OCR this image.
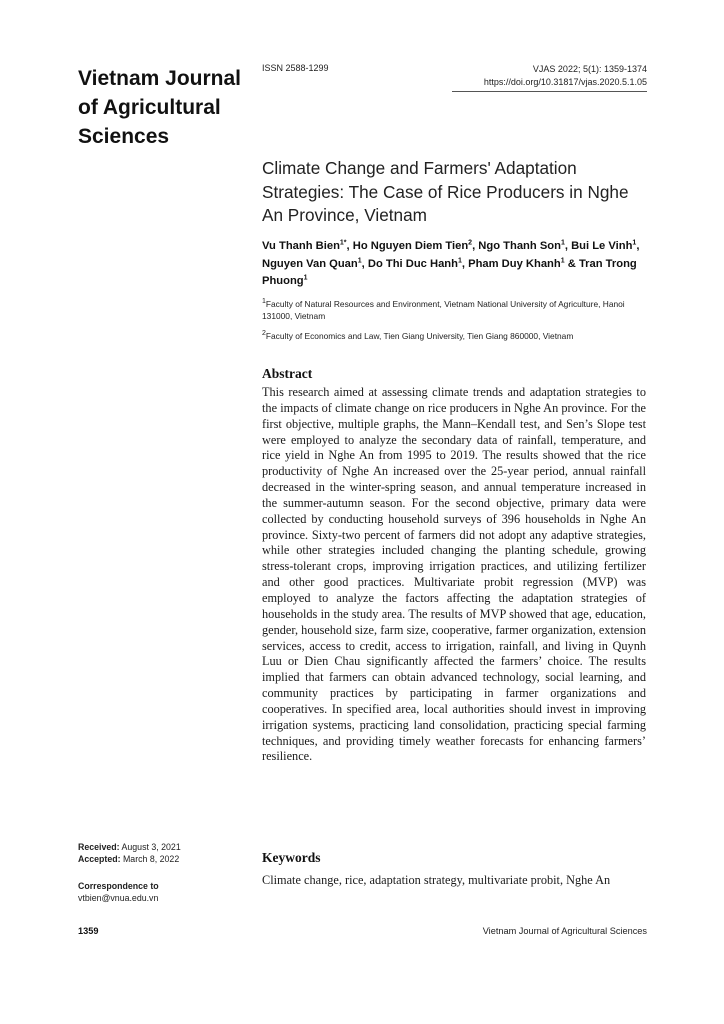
Vietnam Journal of Agricultural Sciences
ISSN 2588-1299	VJAS 2022; 5(1): 1359-1374
https://doi.org/10.31817/vjas.2020.5.1.05
Climate Change and Farmers' Adaptation Strategies: The Case of Rice Producers in Nghe An Province, Vietnam
Vu Thanh Bien$^{1*}$, Ho Nguyen Diem Tien$^2$, Ngo Thanh Son$^1$, Bui Le Vinh$^1$, Nguyen Van Quan$^1$, Do Thi Duc Hanh$^1$, Pham Duy Khanh$^1$ & Tran Trong Phuong$^1$
$^1$Faculty of Natural Resources and Environment, Vietnam National University of Agriculture, Hanoi 131000, Vietnam
$^2$Faculty of Economics and Law, Tien Giang University, Tien Giang 860000, Vietnam
Abstract
This research aimed at assessing climate trends and adaptation strategies to the impacts of climate change on rice producers in Nghe An province. For the first objective, multiple graphs, the Mann–Kendall test, and Sen’s Slope test were employed to analyze the secondary data of rainfall, temperature, and rice yield in Nghe An from 1995 to 2019. The results showed that the rice productivity of Nghe An increased over the 25-year period, annual rainfall decreased in the winter-spring season, and annual temperature increased in the summer-autumn season. For the second objective, primary data were collected by conducting household surveys of 396 households in Nghe An province. Sixty-two percent of farmers did not adopt any adaptive strategies, while other strategies included changing the planting schedule, growing stress-tolerant crops, improving irrigation practices, and utilizing fertilizer and other good practices. Multivariate probit regression (MVP) was employed to analyze the factors affecting the adaptation strategies of households in the study area. The results of MVP showed that age, education, gender, household size, farm size, cooperative, farmer organization, extension services, access to credit, access to irrigation, rainfall, and living in Quynh Luu or Dien Chau significantly affected the farmers’ choice. The results implied that farmers can obtain advanced technology, social learning, and community practices by participating in farmer organizations and cooperatives. In specified area, local authorities should invest in improving irrigation systems, practicing land consolidation, practicing special farming techniques, and providing timely weather forecasts for enhancing farmers’ resilience.
Keywords
Climate change, rice, adaptation strategy, multivariate probit, Nghe An
Received: August 3, 2021
Accepted: March 8, 2022
Correspondence to
vtbien@vnua.edu.vn
1359	Vietnam Journal of Agricultural Sciences
